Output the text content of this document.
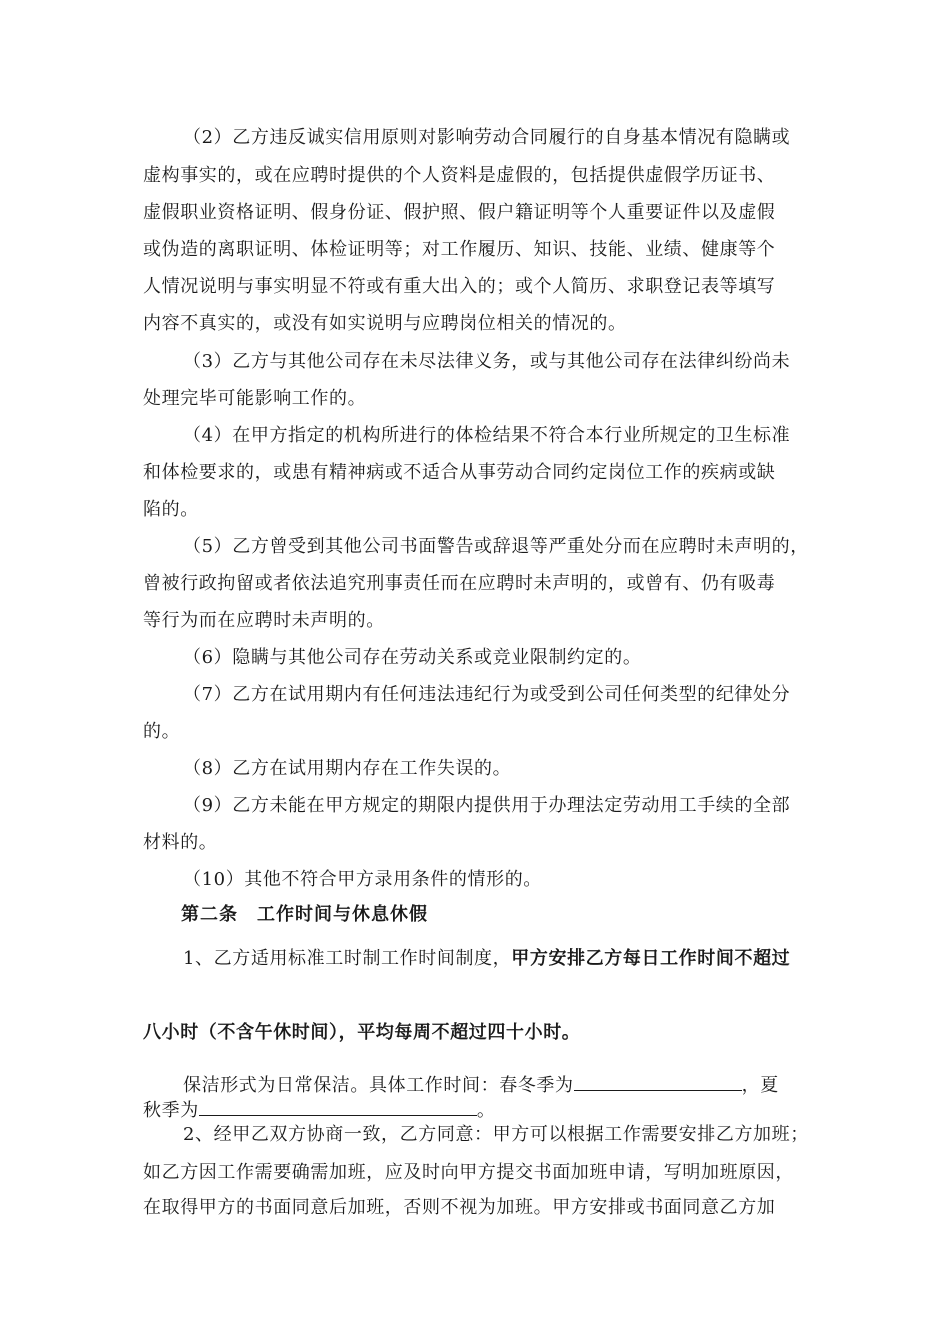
（2）乙方违反诚实信用原则对影响劳动合同履行的自身基本情况有隐瞒或
虚构事实的，或在应聘时提供的个人资料是虚假的，包括提供虚假学历证书、
虚假职业资格证明、假身份证、假护照、假户籍证明等个人重要证件以及虚假
或伪造的离职证明、体检证明等；对工作履历、知识、技能、业绩、健康等个
人情况说明与事实明显不符或有重大出入的；或个人简历、求职登记表等填写
内容不真实的，或没有如实说明与应聘岗位相关的情况的。
（3）乙方与其他公司存在未尽法律义务，或与其他公司存在法律纠纷尚未
处理完毕可能影响工作的。
（4）在甲方指定的机构所进行的体检结果不符合本行业所规定的卫生标准
和体检要求的，或患有精神病或不适合从事劳动合同约定岗位工作的疾病或缺
陷的。
（5）乙方曾受到其他公司书面警告或辞退等严重处分而在应聘时未声明的，
曾被行政拘留或者依法追究刑事责任而在应聘时未声明的，或曾有、仍有吸毒
等行为而在应聘时未声明的。
（6）隐瞒与其他公司存在劳动关系或竞业限制约定的。
（7）乙方在试用期内有任何违法违纪行为或受到公司任何类型的纪律处分
的。
（8）乙方在试用期内存在工作失误的。
（9）乙方未能在甲方规定的期限内提供用于办理法定劳动用工手续的全部
材料的。
（10）其他不符合甲方录用条件的情形的。
第二条　工作时间与休息休假
1、乙方适用标准工时制工作时间制度，甲方安排乙方每日工作时间不超过
八小时（不含午休时间），平均每周不超过四十小时。
保洁形式为日常保洁。具体工作时间：春冬季为	，夏
秋季为	。
2、经甲乙双方协商一致，乙方同意：甲方可以根据工作需要安排乙方加班；
如乙方因工作需要确需加班，应及时向甲方提交书面加班申请，写明加班原因，
在取得甲方的书面同意后加班，否则不视为加班。甲方安排或书面同意乙方加
